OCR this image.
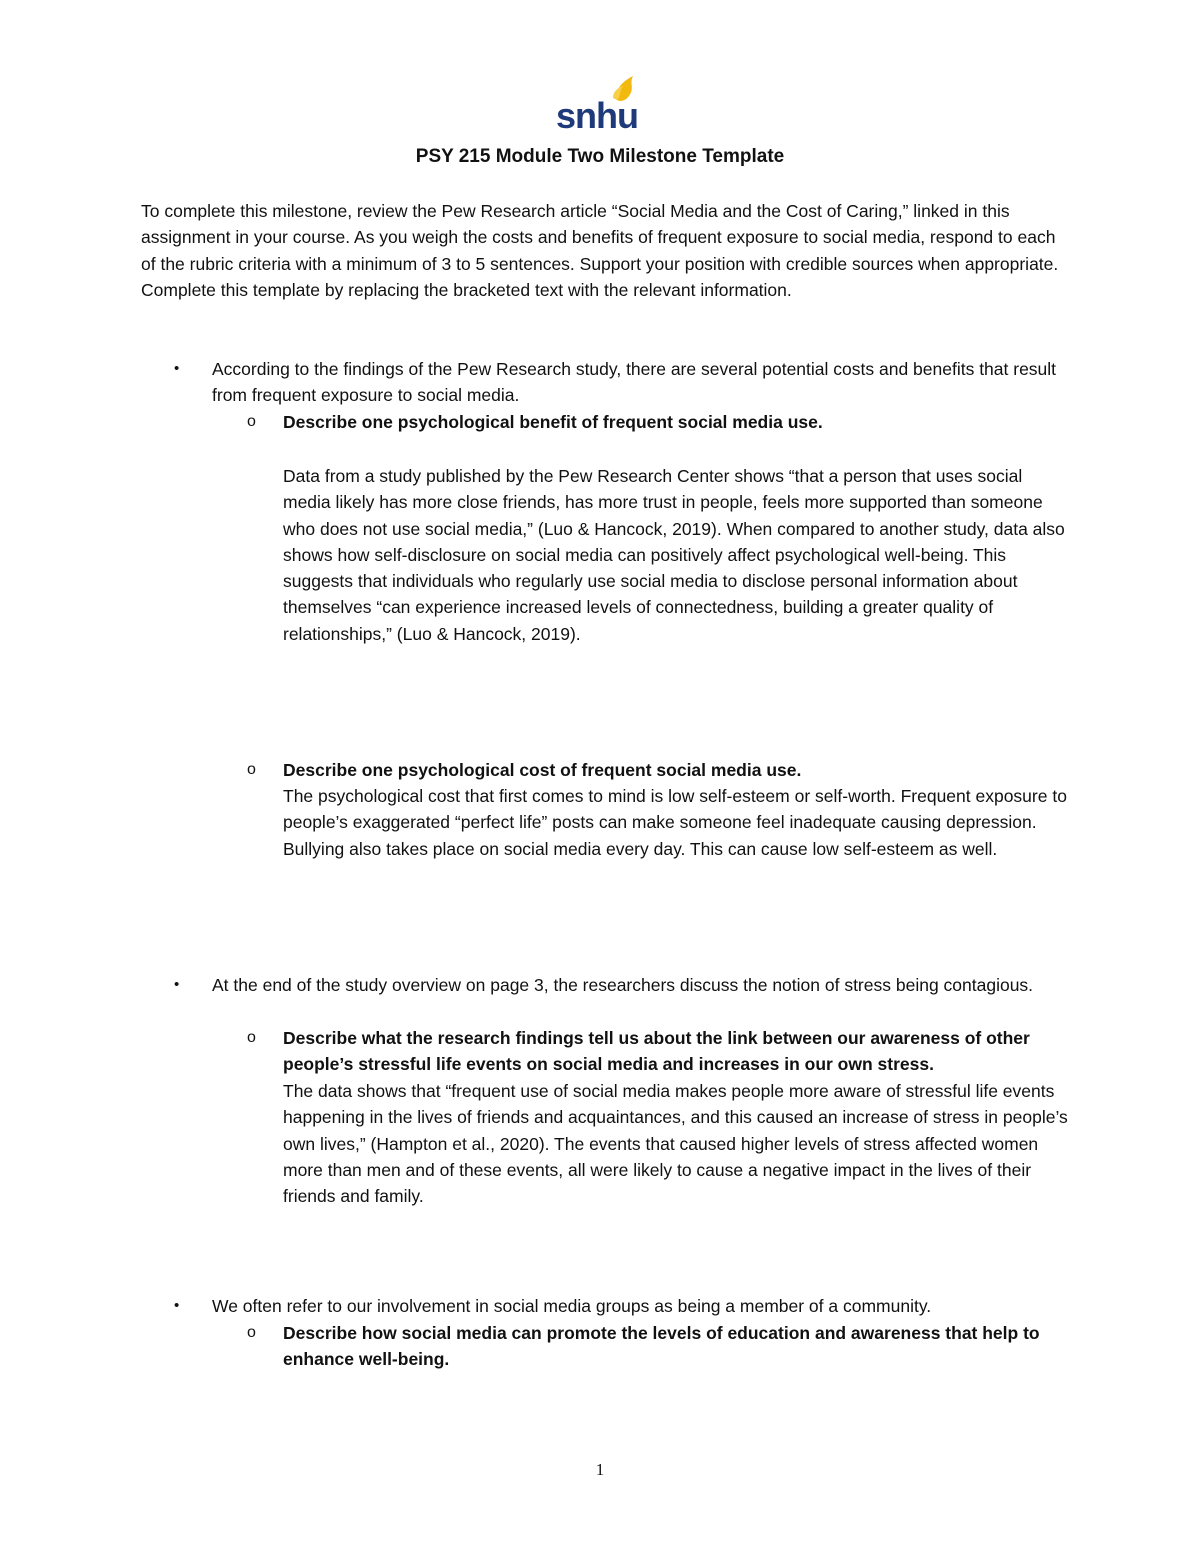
snhu
PSY 215 Module Two Milestone Template
To complete this milestone, review the Pew Research article “Social Media and the Cost of Caring,” linked in this assignment in your course. As you weigh the costs and benefits of frequent exposure to social media, respond to each of the rubric criteria with a minimum of 3 to 5 sentences. Support your position with credible sources when appropriate. Complete this template by replacing the bracketed text with the relevant information.
• According to the findings of the Pew Research study, there are several potential costs and benefits that result from frequent exposure to social media.
o Describe one psychological benefit of frequent social media use.
Data from a study published by the Pew Research Center shows “that a person that uses social media likely has more close friends, has more trust in people, feels more supported than someone who does not use social media,” (Luo & Hancock, 2019). When compared to another study, data also shows how self-disclosure on social media can positively affect psychological well-being. This suggests that individuals who regularly use social media to disclose personal information about themselves “can experience increased levels of connectedness, building a greater quality of relationships,” (Luo & Hancock, 2019).
o Describe one psychological cost of frequent social media use.
The psychological cost that first comes to mind is low self-esteem or self-worth. Frequent exposure to people’s exaggerated “perfect life” posts can make someone feel inadequate causing depression. Bullying also takes place on social media every day. This can cause low self-esteem as well.
• At the end of the study overview on page 3, the researchers discuss the notion of stress being contagious.
o Describe what the research findings tell us about the link between our awareness of other people’s stressful life events on social media and increases in our own stress.
The data shows that “frequent use of social media makes people more aware of stressful life events happening in the lives of friends and acquaintances, and this caused an increase of stress in people’s own lives,” (Hampton et al., 2020). The events that caused higher levels of stress affected women more than men and of these events, all were likely to cause a negative impact in the lives of their friends and family.
• We often refer to our involvement in social media groups as being a member of a community.
o Describe how social media can promote the levels of education and awareness that help to enhance well-being.
1
